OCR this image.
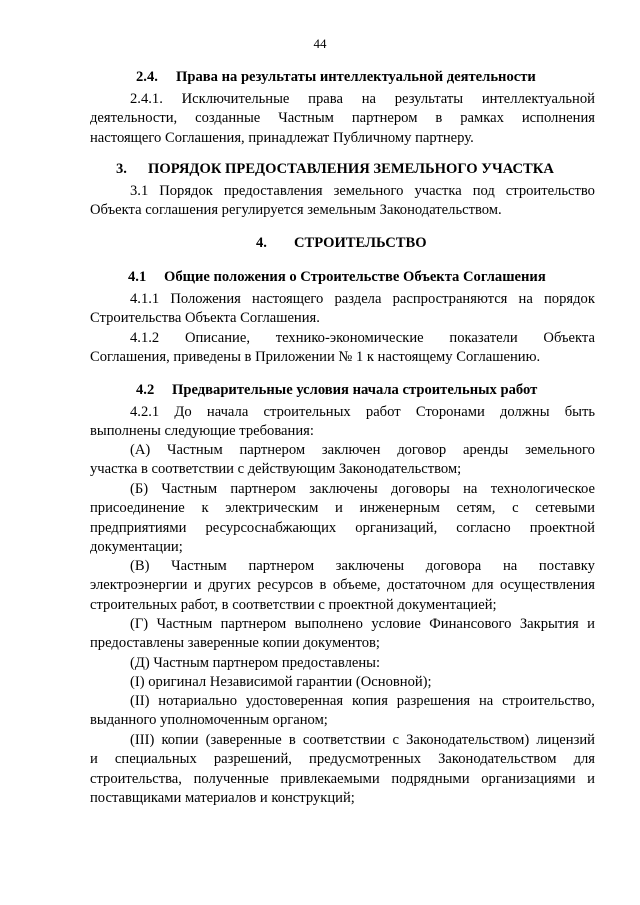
44
2.4. Права на результаты интеллектуальной деятельности
2.4.1. Исключительные права на результаты интеллектуальной
деятельности, созданные Частным партнером в рамках исполнения
настоящего Соглашения, принадлежат Публичному партнеру.
3. ПОРЯДОК ПРЕДОСТАВЛЕНИЯ ЗЕМЕЛЬНОГО УЧАСТКА
3.1 Порядок предоставления земельного участка под строительство
Объекта соглашения регулируется земельным Законодательством.
4. СТРОИТЕЛЬСТВО
4.1 Общие положения о Строительстве Объекта Соглашения
4.1.1 Положения настоящего раздела распространяются на порядок
Строительства Объекта Соглашения.
4.1.2 Описание, технико-экономические показатели Объекта
Соглашения, приведены в Приложении № 1 к настоящему Соглашению.
4.2 Предварительные условия начала строительных работ
4.2.1 До начала строительных работ Сторонами должны быть
выполнены следующие требования:
(А) Частным партнером заключен договор аренды земельного
участка в соответствии с действующим Законодательством;
(Б) Частным партнером заключены договоры на технологическое
присоединение к электрическим и инженерным сетям, с сетевыми
предприятиями ресурсоснабжающих организаций, согласно проектной
документации;
(В) Частным партнером заключены договора на поставку
электроэнергии и других ресурсов в объеме, достаточном для осуществления
строительных работ, в соответствии с проектной документацией;
(Г) Частным партнером выполнено условие Финансового Закрытия и
предоставлены заверенные копии документов;
(Д) Частным партнером предоставлены:
(I) оригинал Независимой гарантии (Основной);
(II) нотариально удостоверенная копия разрешения на строительство,
выданного уполномоченным органом;
(III) копии (заверенные в соответствии с Законодательством) лицензий
и специальных разрешений, предусмотренных Законодательством для
строительства, полученные привлекаемыми подрядными организациями и
поставщиками материалов и конструкций;
